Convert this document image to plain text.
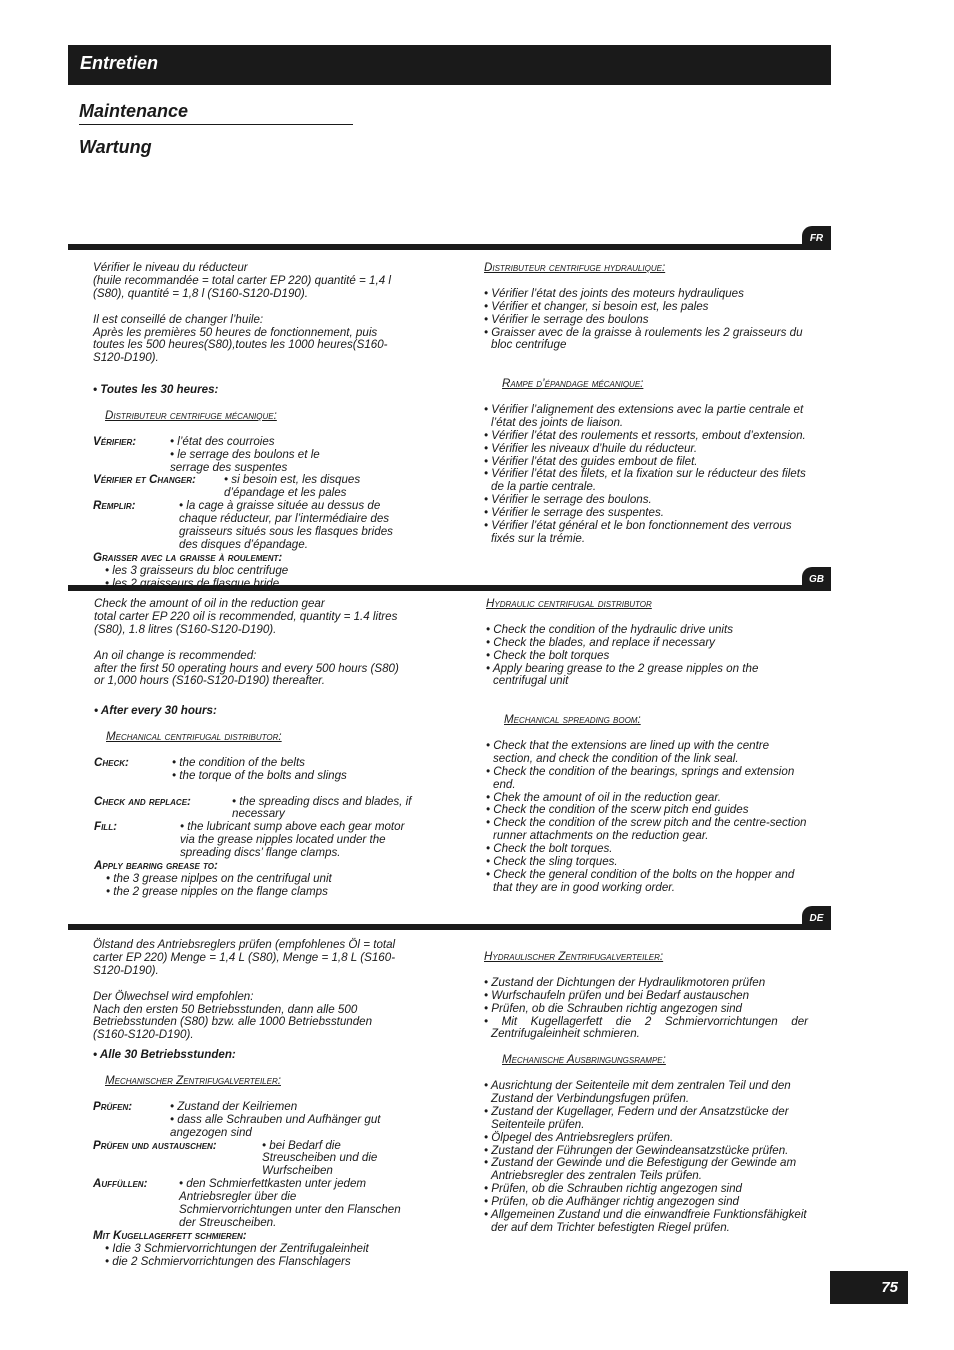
Entretien
Maintenance
Wartung
FR
GB
DE

Vérifier le niveau du réducteur

(huile recommandée = total carter EP 220) quantité = 1,4 l

(S80), quantité = 1,8 l (S160-S120-D190).

Il est conseillé de changer l’huile:

Après les premières 50 heures de fonctionnement, puis

toutes les 500 heures(S80),toutes les 1000 heures(S160-

S120-D190).

• Toutes les 30 heures:

Distributeur centrifuge mécanique:

Vérifier:	• l’état des courroies

• le serrage des boulons et le

serrage des suspentes

Vérifier et Changer:	• si besoin est, les disques

d’épandage et les pales

Remplir:	• la cage à graisse située au dessus de

chaque réducteur, par l’intermédiaire des

graisseurs situés sous les flasques brides

des disques d’épandage.

Graisser avec la graisse à roulement:

• les 3 graisseurs du bloc centrifuge

• les 2 graisseurs de flasque bride

Distributeur centrifuge hydraulique:

• Vérifier l’état des joints des moteurs hydrauliques

• Vérifier et changer, si besoin est, les pales

• Vérifier le serrage des boulons

• Graisser avec de la graisse à roulements les 2 graisseurs du bloc centrifuge

Rampe d’épandage mécanique:

• Vérifier l’alignement des extensions avec la partie centrale et l’état des joints de liaison.

• Vérifier l’état des roulements et ressorts, embout d’extension.

• Vérifier les niveaux d’huile du réducteur.

• Vérifier l’état des guides embout de filet.

• Vérifier l’état des filets, et la fixation sur le réducteur des filets de la partie centrale.

• Vérifier le serrage des boulons.

• Vérifier le serrage des suspentes.

• Vérifier l’état général et le bon fonctionnement des verrous fixés sur la trémie.

Check the amount of oil in the reduction gear

total carter EP 220 oil is recommended, quantity = 1.4 litres

(S80), 1.8 litres (S160-S120-D190).

An oil change is recommended:

after the first 50 operating hours and every 500 hours (S80)

or 1,000 hours (S160-S120-D190) thereafter.

• After every 30 hours:

Mechanical centrifugal distributor:

Check:	• the condition of the belts

• the torque of the bolts and slings

Check and replace:	• the spreading discs and blades, if

necessary

Fill:	• the lubricant sump above each gear motor

via the grease nipples located under the

spreading discs’ flange clamps.

Apply bearing grease to:

• the 3 grease niplpes on the centrifugal unit

• the 2 grease nipples on the flange clamps

Hydraulic centrifugal distributor

• Check the condition of the hydraulic drive units

• Check the blades, and replace if necessary

• Check the bolt torques

• Apply bearing grease to the 2 grease nipples on the centrifugal unit

Mechanical spreading boom:

• Check that the extensions are lined up with the centre section, and check the condition of the link seal.

• Check the condition of the bearings, springs and extension end.

• Chek the amount of oil in the reduction gear.

• Check the condition of the scerw pitch end guides

• Check the condition of the screw pitch and the centre-section runner attachments on the reduction gear.

• Check the bolt torques.

• Check the sling torques.

• Check the general condition of the bolts on the hopper and that they are in good working order.

Ölstand des Antriebsreglers prüfen (empfohlenes Öl = total

carter EP 220) Menge = 1,4 L (S80), Menge = 1,8 L (S160-

S120-D190).

Der Ölwechsel wird empfohlen:

Nach den ersten 50 Betriebsstunden, dann alle 500

Betriebsstunden (S80) bzw. alle 1000 Betriebsstunden

(S160-S120-D190).

• Alle 30 Betriebsstunden:

Mechanischer Zentrifugalverteiler:

Prüfen:	• Zustand der Keilriemen

• dass alle Schrauben und Aufhänger gut

angezogen sind

Prüfen und austauschen:	• bei Bedarf die

Streuscheiben und die

Wurfscheiben

Auffüllen:	• den Schmierfettkasten unter jedem

Antriebsregler über die

Schmiervorrichtungen unter den Flanschen

der Streuscheiben.

Mit Kugellagerfett schmieren:

• Idie 3 Schmiervorrichtungen der Zentrifugaleinheit

• die 2 Schmiervorrichtungen des Flanschlagers

Hydraulischer Zentrifugalverteiler:

• Zustand der Dichtungen der Hydraulikmotoren prüfen

• Wurfschaufeln prüfen und bei Bedarf austauschen

• Prüfen, ob die Schrauben richtig angezogen sind

• Mit Kugellagerfett die 2 Schmiervorrichtungen der Zentrifugaleinheit schmieren.

Mechanische Ausbringungsrampe:

• Ausrichtung der Seitenteile mit dem zentralen Teil und den Zustand der Verbindungsfugen prüfen.

• Zustand der Kugellager, Federn und der Ansatzstücke der Seitenteile prüfen.

• Ölpegel des Antriebsreglers prüfen.

• Zustand der Führungen der Gewindeansatzstücke prüfen.

• Zustand der Gewinde und die Befestigung der Gewinde am Antriebsregler des zentralen Teils prüfen.

• Prüfen, ob die Schrauben richtig angezogen sind

• Prüfen, ob die Aufhänger richtig angezogen sind

• Allgemeinen Zustand und die einwandfreie Funktionsfähigkeit der auf dem Trichter befestigten Riegel prüfen.

75
